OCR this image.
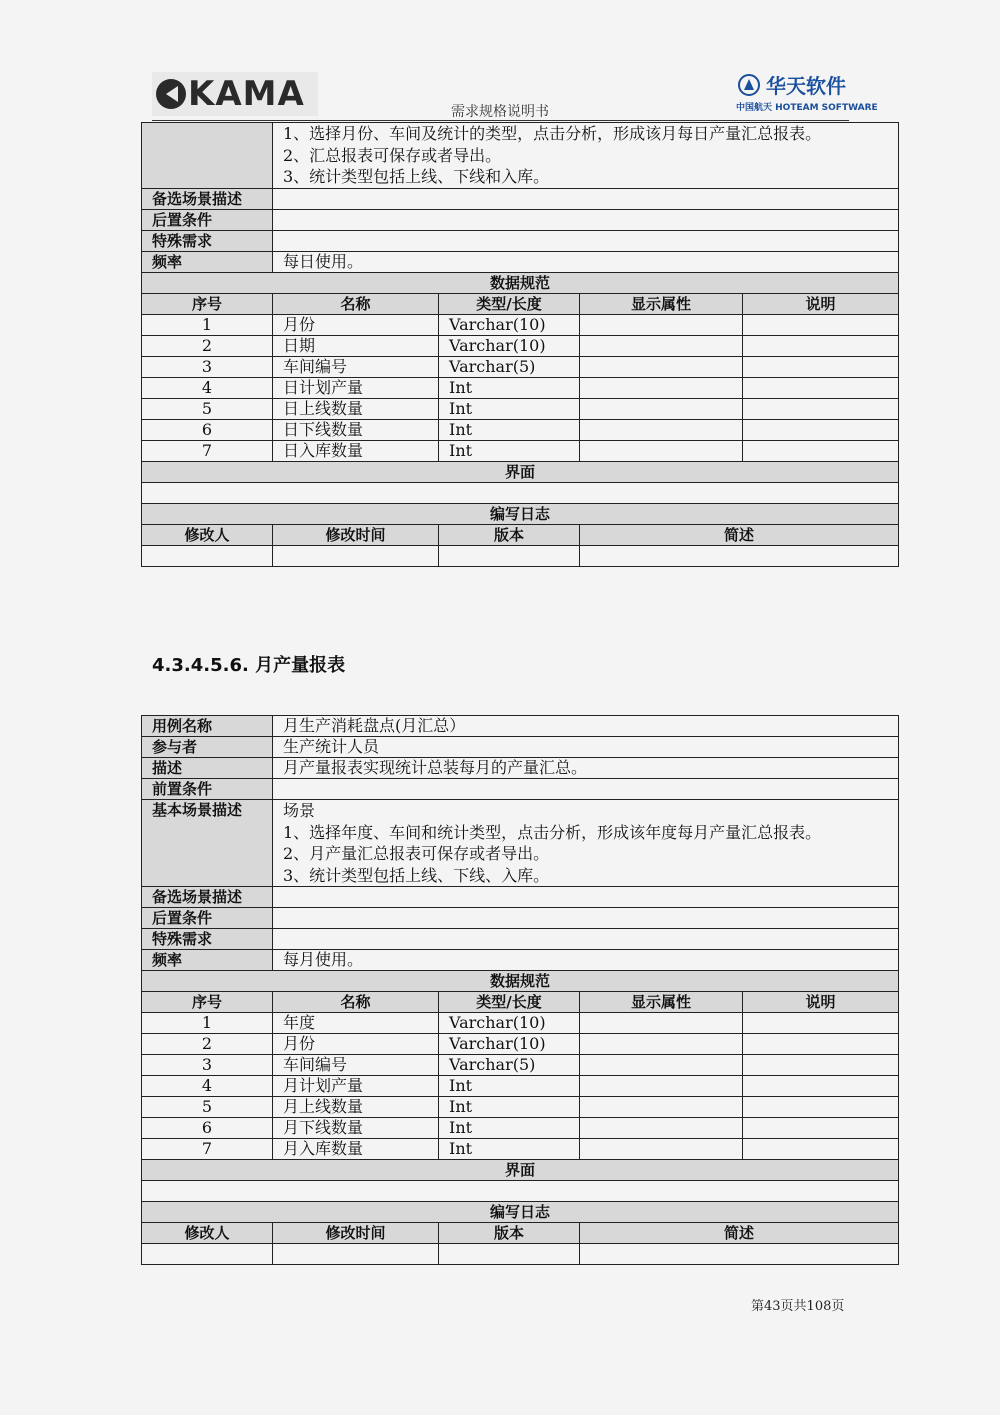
KAMA	华天软件
中国航天 HOTEAM SOFTWARE
需求规格说明书

	1、选择月份、车间及统计的类型，点击分析，形成该月每日产量汇总报表。
2、汇总报表可保存或者导出。
3、统计类型包括上线、下线和入库。			

备选场景描述				
后置条件				
特殊需求				
频率	每日使用。			
数据规范				
序号	名称	类型/长度	显示属性	说明
1	月份	Varchar(10)		
2	日期	Varchar(10)		
3	车间编号	Varchar(5)		
4	日计划产量	Int		
5	日上线数量	Int		
6	日下线数量	Int		
7	日入库数量	Int		
界面				

编写日志				
修改人	修改时间	版本	简述	

4.3.4.5.6. 月产量报表
用例名称	月生产消耗盘点(月汇总）			
参与者	生产统计人员			
描述	月产量报表实现统计总装每月的产量汇总。			
前置条件				
基本场景描述	场景
1、选择年度、车间和统计类型，点击分析，形成该年度每月产量汇总报表。
2、月产量汇总报表可保存或者导出。
3、统计类型包括上线、下线、入库。			

备选场景描述				
后置条件				
特殊需求				
频率	每月使用。			
数据规范				
序号	名称	类型/长度	显示属性	说明
1	年度	Varchar(10)		
2	月份	Varchar(10)		
3	车间编号	Varchar(5)		
4	月计划产量	Int		
5	月上线数量	Int		
6	月下线数量	Int		
7	月入库数量	Int		
界面				

编写日志				
修改人	修改时间	版本	简述	

第43页共108页
